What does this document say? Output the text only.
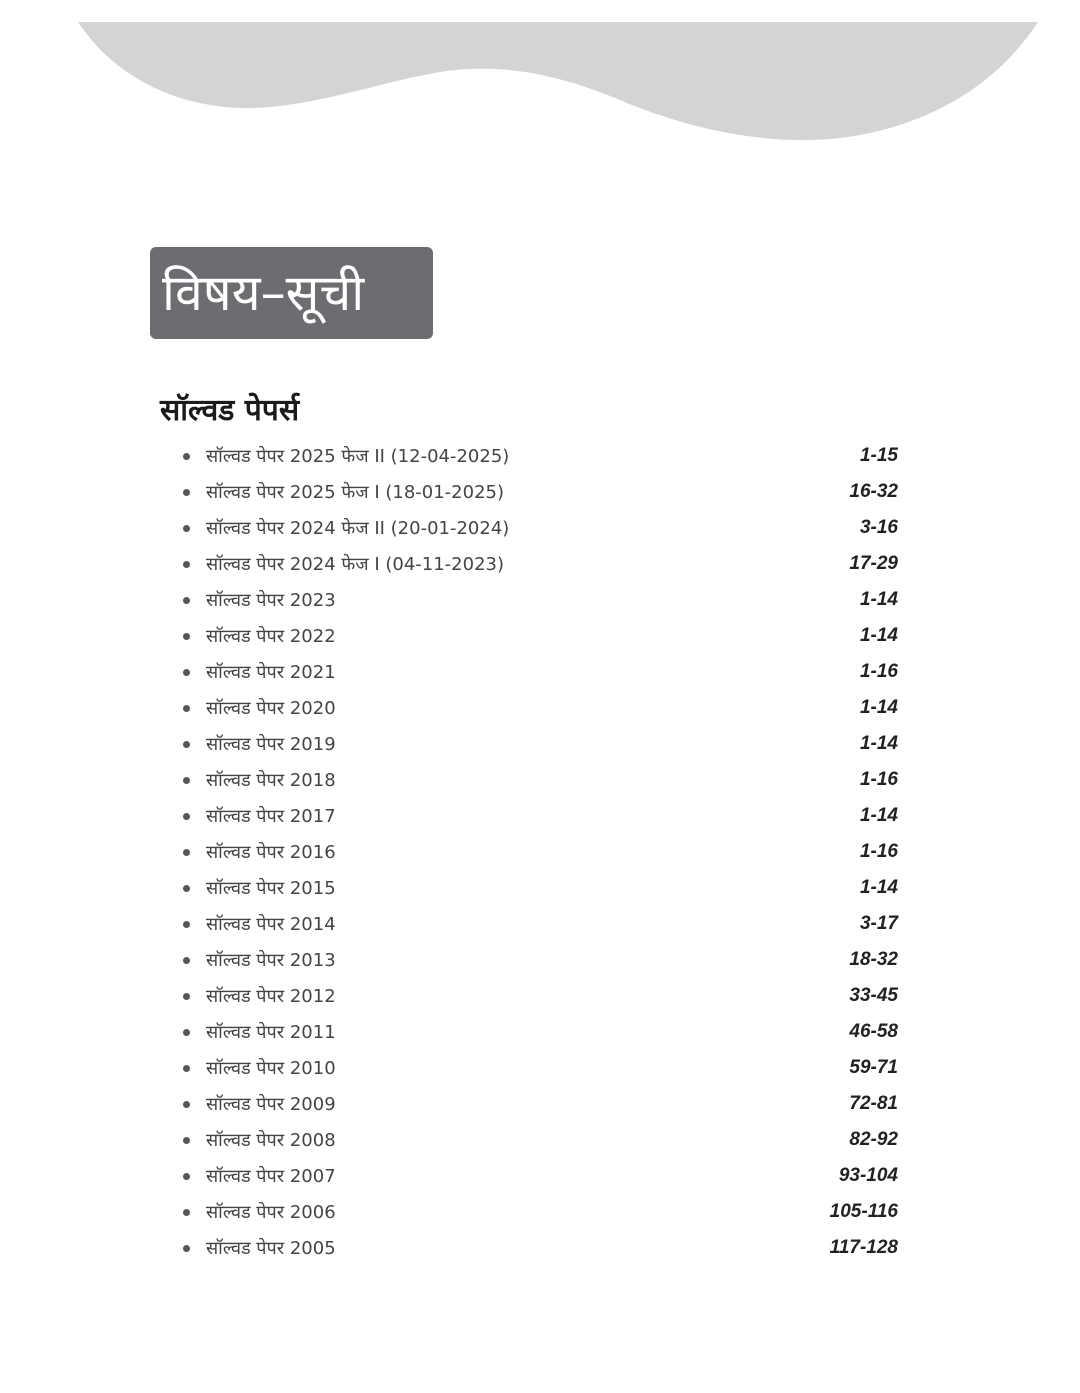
विषय–सूची
सॉल्वड पेपर्स
सॉल्वड पेपर 2025 फेज II (12-04-2025)	1-15
सॉल्वड पेपर 2025 फेज I (18-01-2025)	16-32
सॉल्वड पेपर 2024 फेज II (20-01-2024)	3-16
सॉल्वड पेपर 2024 फेज I (04-11-2023)	17-29
सॉल्वड पेपर 2023	1-14
सॉल्वड पेपर 2022	1-14
सॉल्वड पेपर 2021	1-16
सॉल्वड पेपर 2020	1-14
सॉल्वड पेपर 2019	1-14
सॉल्वड पेपर 2018	1-16
सॉल्वड पेपर 2017	1-14
सॉल्वड पेपर 2016	1-16
सॉल्वड पेपर 2015	1-14
सॉल्वड पेपर 2014	3-17
सॉल्वड पेपर 2013	18-32
सॉल्वड पेपर 2012	33-45
सॉल्वड पेपर 2011	46-58
सॉल्वड पेपर 2010	59-71
सॉल्वड पेपर 2009	72-81
सॉल्वड पेपर 2008	82-92
सॉल्वड पेपर 2007	93-104
सॉल्वड पेपर 2006	105-116
सॉल्वड पेपर 2005	117-128
